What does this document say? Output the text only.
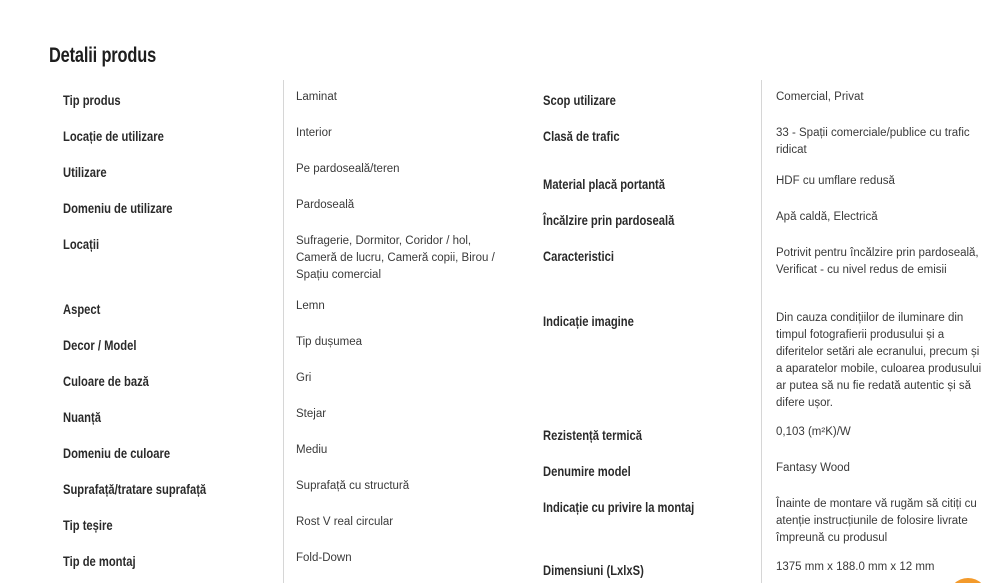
Detalii produs
Tip produs	Laminat
Locație de utilizare	Interior
Utilizare	Pe pardoseală/teren
Domeniu de utilizare	Pardoseală
Locații	Sufragerie, Dormitor, Coridor / hol, Cameră de lucru, Cameră copii, Birou / Spațiu comercial
Aspect	Lemn
Decor / Model	Tip dușumea
Culoare de bază	Gri
Nuanță	Stejar
Domeniu de culoare	Mediu
Suprafață/tratare suprafață	Suprafață cu structură
Tip teșire	Rost V real circular
Tip de montaj	Fold-Down
Scop utilizare	Comercial, Privat
Clasă de trafic	33 - Spații comerciale/publice cu trafic ridicat
Material placă portantă	HDF cu umflare redusă
Încălzire prin pardoseală	Apă caldă, Electrică
Caracteristici	Potrivit pentru încălzire prin pardoseală, Verificat - cu nivel redus de emisii
Indicație imagine	Din cauza condițiilor de iluminare din timpul fotografierii produsului și a diferitelor setări ale ecranului, precum și a aparatelor mobile, culoarea produsului ar putea să nu fie redată autentic și să difere ușor.
Rezistență termică	0,103 (m²K)/W
Denumire model	Fantasy Wood
Indicație cu privire la montaj	Înainte de montare vă rugăm să citiți cu atenție instrucțiunile de folosire livrate împreună cu produsul
Dimensiuni (LxlxS)	1375 mm x 188.0 mm x 12 mm
